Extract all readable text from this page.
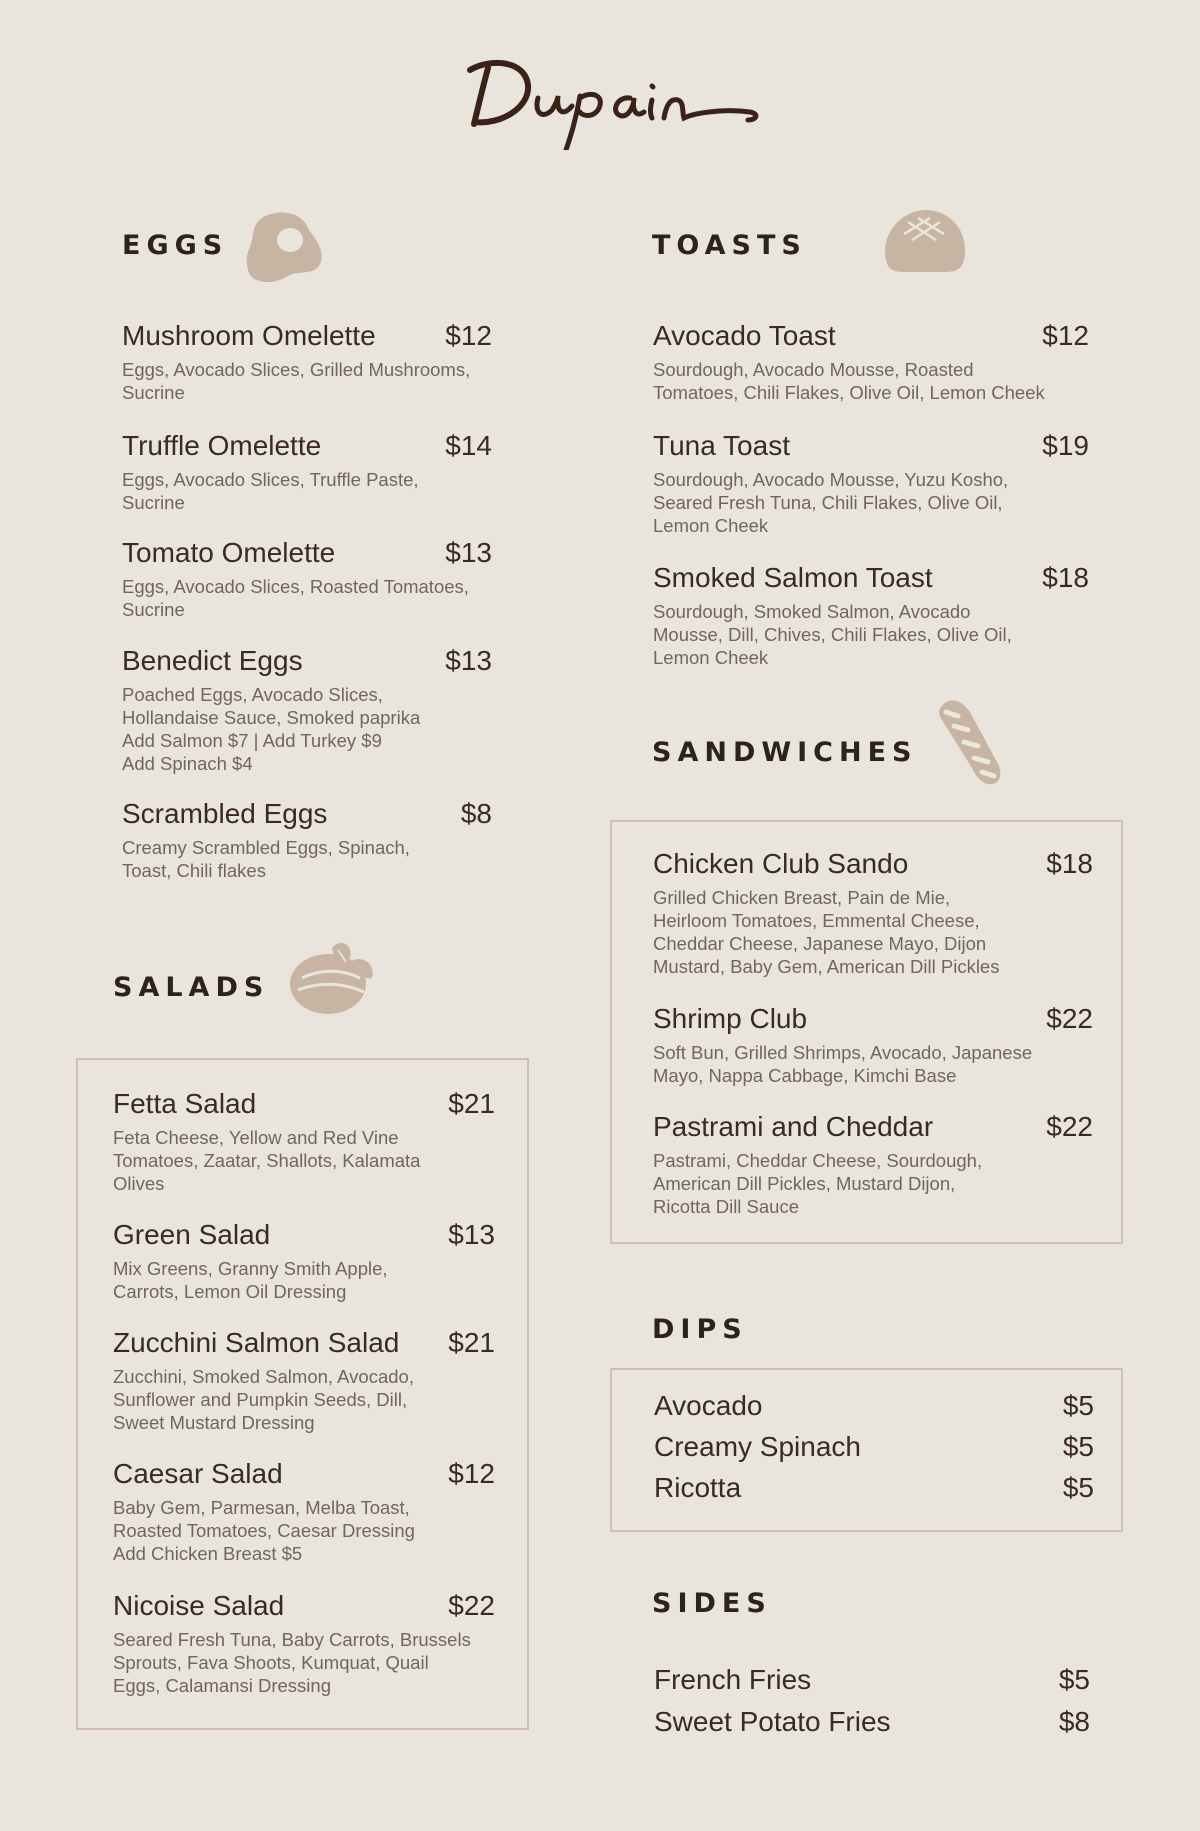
EGGS
Mushroom Omelette $12
Eggs, Avocado Slices, Grilled Mushrooms,
Sucrine
Truffle Omelette	$14
Eggs, Avocado Slices, Truffle Paste,
Sucrine
Tomato Omelette	$13
Eggs, Avocado Slices, Roasted Tomatoes,
Sucrine
Benedict Eggs	$13
Poached Eggs, Avocado Slices,
Hollandaise Sauce, Smoked paprika
Add Salmon $7 | Add Turkey $9
Add Spinach $4
Scrambled Eggs	$8
Creamy Scrambled Eggs, Spinach,
Toast, Chili flakes
SALADS
Fetta Salad	$21
Feta Cheese, Yellow and Red Vine
Tomatoes, Zaatar, Shallots, Kalamata
Olives
Green Salad	$13
Mix Greens, Granny Smith Apple,
Carrots, Lemon Oil Dressing
Zucchini Salmon Salad $21
Zucchini, Smoked Salmon, Avocado,
Sunflower and Pumpkin Seeds, Dill,
Sweet Mustard Dressing
Caesar Salad	$12
Baby Gem, Parmesan, Melba Toast,
Roasted Tomatoes, Caesar Dressing
Add Chicken Breast $5
Nicoise Salad	$22
Seared Fresh Tuna, Baby Carrots, Brussels
Sprouts, Fava Shoots, Kumquat, Quail
Eggs, Calamansi Dressing
TOASTS
Avocado Toast	$12
Sourdough, Avocado Mousse, Roasted
Tomatoes, Chili Flakes, Olive Oil, Lemon Cheek
Tuna Toast	$19
Sourdough, Avocado Mousse, Yuzu Kosho,
Seared Fresh Tuna, Chili Flakes, Olive Oil,
Lemon Cheek
Smoked Salmon Toast	$18
Sourdough, Smoked Salmon, Avocado
Mousse, Dill, Chives, Chili Flakes, Olive Oil,
Lemon Cheek
SANDWICHES
Chicken Club Sando	$18
Grilled Chicken Breast, Pain de Mie,
Heirloom Tomatoes, Emmental Cheese,
Cheddar Cheese, Japanese Mayo, Dijon
Mustard, Baby Gem, American Dill Pickles
Shrimp Club	$22
Soft Bun, Grilled Shrimps, Avocado, Japanese
Mayo, Nappa Cabbage, Kimchi Base
Pastrami and Cheddar	$22
Pastrami, Cheddar Cheese, Sourdough,
American Dill Pickles, Mustard Dijon,
Ricotta Dill Sauce
DIPS
Avocado	$5
Creamy Spinach	$5
Ricotta	$5
SIDES
French Fries	$5
Sweet Potato Fries	$8
